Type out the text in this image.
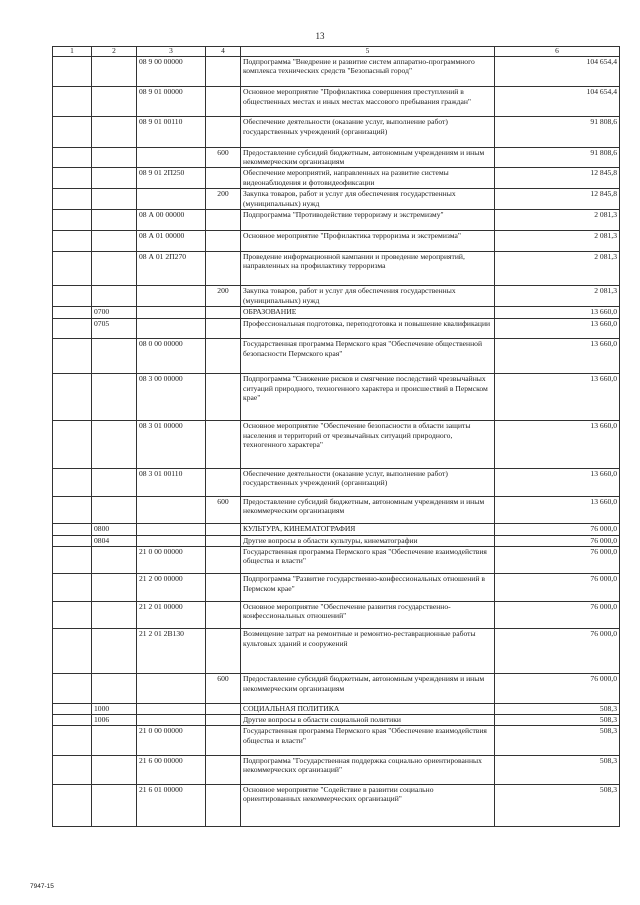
13
1	2	3	4	5	6
		08 9 00 00000		Подпрограмма "Внедрение и развитие систем аппаратно-программного комплекса технических средств "Безопасный город"	104 654,4
		08 9 01 00000		Основное мероприятие "Профилактика совершения преступлений в общественных местах и иных местах массового пребывания граждан"	104 654,4
		08 9 01 00110		Обеспечение деятельности (оказание услуг, выполнение работ) государственных учреждений (организаций)	91 808,6
			600	Предоставление субсидий бюджетным, автономным учреждениям и иным некоммерческим организациям	91 808,6
		08 9 01 2П250		Обеспечение мероприятий, направленных на развитие системы видеонаблюдения и фотовидеофиксации	12 845,8
			200	Закупка товаров, работ и услуг для обеспечения государственных (муниципальных) нужд	12 845,8
		08 А 00 00000		Подпрограмма "Противодействие терроризму и экстремизму"	2 081,3
		08 А 01 00000		Основное мероприятие "Профилактика терроризма и экстремизма"	2 081,3
		08 А 01 2П270		Проведение информационной кампании и проведение мероприятий, направленных на профилактику терроризма	2 081,3
			200	Закупка товаров, работ и услуг для обеспечения государственных (муниципальных) нужд	2 081,3
	0700			ОБРАЗОВАНИЕ	13 660,0
	0705			Профессиональная подготовка, переподготовка и повышение квалификации	13 660,0
		08 0 00 00000		Государственная программа Пермского края "Обеспечение общественной безопасности Пермского края"	13 660,0
		08 3 00 00000		Подпрограмма "Снижение рисков и смягчение последствий чрезвычайных ситуаций природного, техногенного характера и происшествий в Пермском крае"	13 660,0
		08 3 01 00000		Основное мероприятие "Обеспечение безопасности в области защиты населения и территорий от чрезвычайных ситуаций природного, техногенного характера"	13 660,0
		08 3 01 00110		Обеспечение деятельности (оказание услуг, выполнение работ) государственных учреждений (организаций)	13 660,0
			600	Предоставление субсидий бюджетным, автономным учреждениям и иным некоммерческим организациям	13 660,0
	0800			КУЛЬТУРА, КИНЕМАТОГРАФИЯ	76 000,0
	0804			Другие вопросы в области культуры, кинематографии	76 000,0
		21 0 00 00000		Государственная программа Пермского края "Обеспечение взаимодействия общества и власти"	76 000,0
		21 2 00 00000		Подпрограмма "Развитие государственно-конфессиональных отношений в Пермском крае"	76 000,0
		21 2 01 00000		Основное мероприятие "Обеспечение развития государственно-конфессиональных отношений"	76 000,0
		21 2 01 2В130		Возмещение затрат на ремонтные и ремонтно-реставрационные работы культовых зданий и сооружений	76 000,0
			600	Предоставление субсидий бюджетным, автономным учреждениям и иным некоммерческим организациям	76 000,0
	1000			СОЦИАЛЬНАЯ ПОЛИТИКА	508,3
	1006			Другие вопросы в области социальной политики	508,3
		21 0 00 00000		Государственная программа Пермского края "Обеспечение взаимодействия общества и власти"	508,3
		21 6 00 00000		Подпрограмма "Государственная поддержка социально ориентированных некоммерческих организаций"	508,3
		21 6 01 00000		Основное мероприятие "Содействие в развитии социально ориентированных некоммерческих организаций"	508,3
7947-15
